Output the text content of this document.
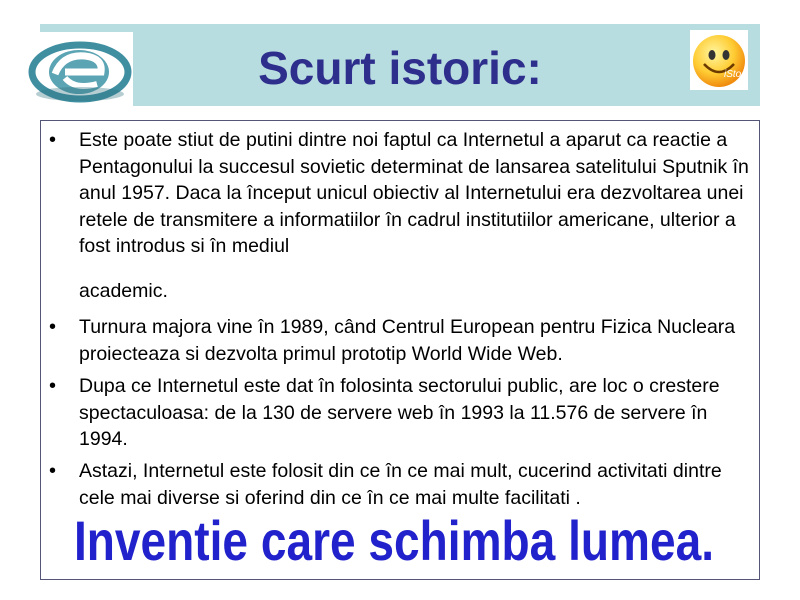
iSto
Scurt istoric:
• Este poate stiut de putini dintre noi faptul ca Internetul a aparut ca reactie a Pentagonului la succesul sovietic determinat de lansarea satelitului Sputnik în anul 1957. Daca la început unicul obiectiv al Internetului era dezvoltarea unei retele de transmitere a informatiilor în cadrul institutiilor americane, ulterior a fost introdus si în mediul
academic.
• Turnura majora vine în 1989, când Centrul European pentru Fizica Nucleara proiecteaza si dezvolta primul prototip World Wide Web.
• Dupa ce Internetul este dat în folosinta sectorului public, are loc o crestere spectaculoasa: de la 130 de servere web în 1993 la 11.576 de servere în 1994.
• Astazi, Internetul este folosit din ce în ce mai mult, cucerind activitati dintre cele mai diverse si oferind din ce în ce mai multe facilitati .
Inventie care schimba lumea.
